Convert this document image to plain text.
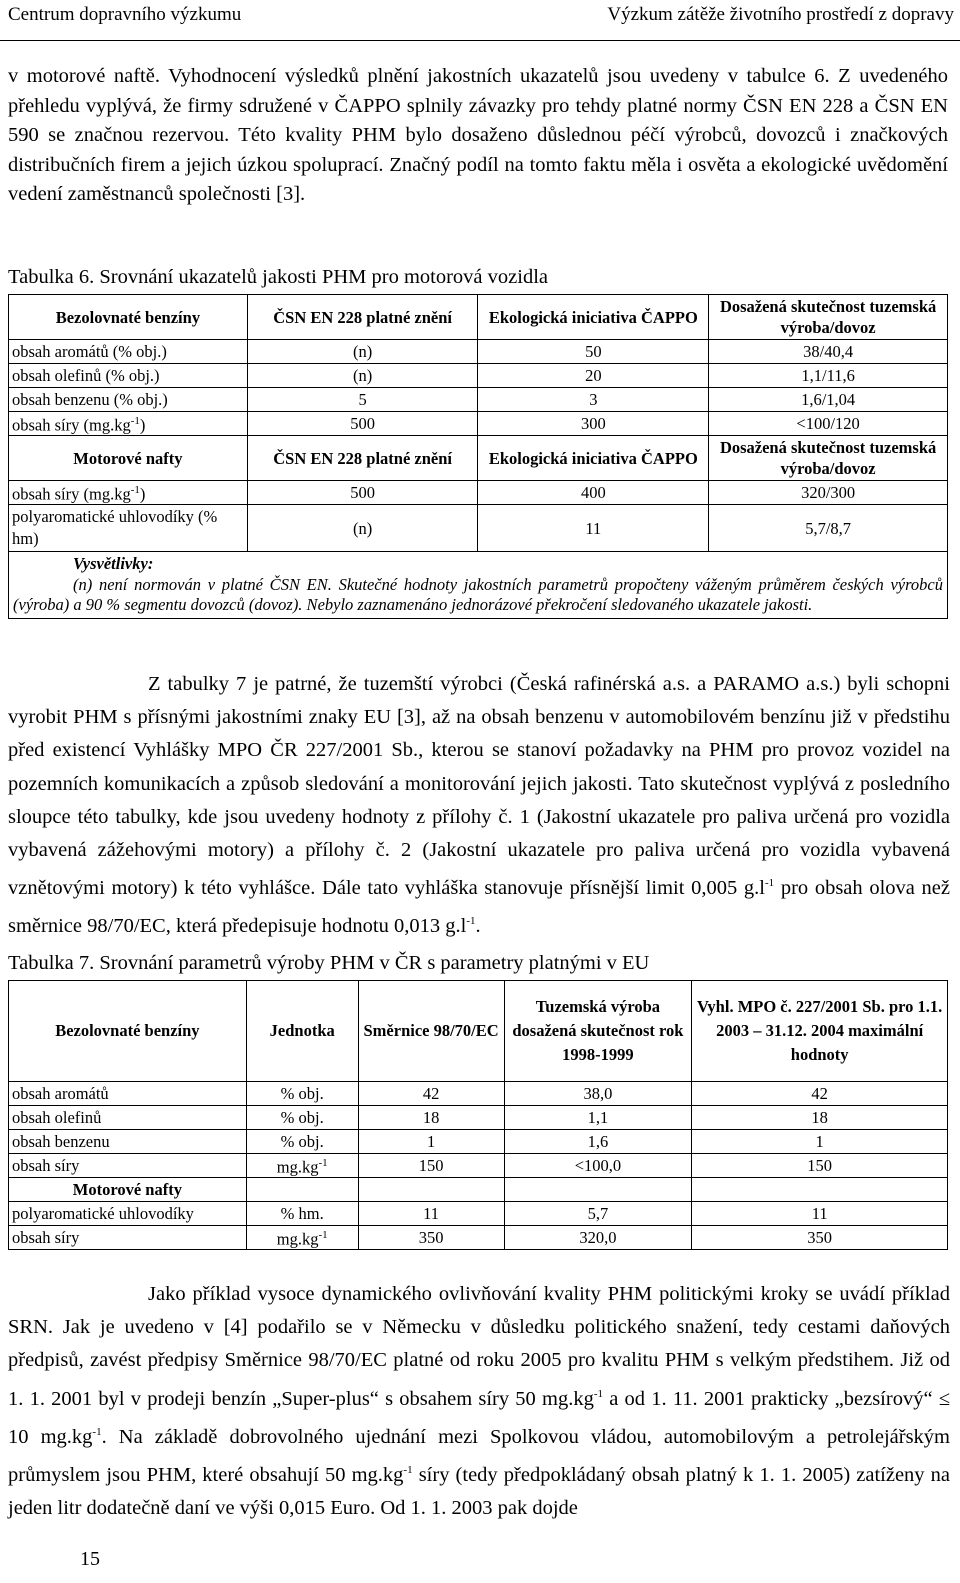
Centrum dopravního výzkumu	Výzkum zátěže životního prostředí z dopravy
v motorové naftě. Vyhodnocení výsledků plnění jakostních ukazatelů jsou uvedeny v tabulce 6. Z uvedeného přehledu vyplývá, že firmy sdružené v ČAPPO splnily závazky pro tehdy platné normy ČSN EN 228 a ČSN EN 590 se značnou rezervou. Této kvality PHM bylo dosaženo důslednou péčí výrobců, dovozců i značkových distribučních firem a jejich úzkou spoluprací. Značný podíl na tomto faktu měla i osvěta a ekologické uvědomění vedení zaměstnanců společnosti [3].
Tabulka 6. Srovnání ukazatelů jakosti PHM pro motorová vozidla
Bezolovnaté benzíny	ČSN EN 228 platné znění	Ekologická iniciativa ČAPPO	Dosažená skutečnost tuzemská výroba/dovoz
obsah aromátů (% obj.)	(n)	50	38/40,4
obsah olefinů (% obj.)	(n)	20	1,1/11,6
obsah benzenu (% obj.)	5	3	1,6/1,04
obsah síry $(mg.kg^{-1})$	500	300	<100/120
Motorové nafty	ČSN EN 228 platné znění	Ekologická iniciativa ČAPPO	Dosažená skutečnost tuzemská výroba/dovoz
obsah síry $(mg.kg^{-1})$	500	400	320/300
polyaromatické uhlovodíky (% hm)	(n)	11	5,7/8,7

Vysvětlivky:
(n) není normován v platné ČSN EN. Skutečné hodnoty jakostních parametrů propočteny váženým průměrem českých výrobců (výroba) a 90 % segmentu dovozců (dovoz). Nebylo zaznamenáno jednorázové překročení sledovaného ukazatele jakosti.			
Z tabulky 7 je patrné, že tuzemští výrobci (Česká rafinérská a.s. a PARAMO a.s.) byli schopni vyrobit PHM s přísnými jakostními znaky EU [3], až na obsah benzenu v automobilovém benzínu již v předstihu před existencí Vyhlášky MPO ČR 227/2001 Sb., kterou se stanoví požadavky na PHM pro provoz vozidel na pozemních komunikacích a způsob sledování a monitorování jejich jakosti. Tato skutečnost vyplývá z posledního sloupce této tabulky, kde jsou uvedeny hodnoty z přílohy č. 1 (Jakostní ukazatele pro paliva určená pro vozidla vybavená zážehovými motory) a přílohy č. 2 (Jakostní ukazatele pro paliva určená pro vozidla vybavená vznětovými motory) k této vyhlášce. Dále tato vyhláška stanovuje přísnější limit 0,005 $g.l^{-1}$ pro obsah olova než směrnice 98/70/EC, která předepisuje hodnotu 0,013 $g.l^{-1}$.
Tabulka 7. Srovnání parametrů výroby PHM v ČR s parametry platnými v EU
Bezolovnaté benzíny	Jednotka	Směrnice 98/70/EC	Tuzemská výroba dosažená skutečnost rok 1998-1999	Vyhl. MPO č. 227/2001 Sb. pro 1.1. 2003 – 31.12. 2004 maximální hodnoty
obsah aromátů	% obj.	42	38,0	42
obsah olefinů	% obj.	18	1,1	18
obsah benzenu	% obj.	1	1,6	1
obsah síry	$mg.kg^{-1}$	150	<100,0	150
Motorové nafty				
polyaromatické uhlovodíky	% hm.	11	5,7	11
obsah síry	$mg.kg^{-1}$	350	320,0	350
Jako příklad vysoce dynamického ovlivňování kvality PHM politickými kroky se uvádí příklad SRN. Jak je uvedeno v [4] podařilo se v Německu v důsledku politického snažení, tedy cestami daňových předpisů, zavést předpisy Směrnice 98/70/EC platné od roku 2005 pro kvalitu PHM s velkým předstihem. Již od 1. 1. 2001 byl v prodeji benzín „Super-plus“ s obsahem síry 50 $mg.kg^{-1}$ a od 1. 11. 2001 prakticky „bezsírový“ ≤ 10 $mg.kg^{-1}$. Na základě dobrovolného ujednání mezi Spolkovou vládou, automobilovým a petrolejářským průmyslem jsou PHM, které obsahují 50 $mg.kg^{-1}$ síry (tedy předpokládaný obsah platný k 1. 1. 2005) zatíženy na jeden litr dodatečně daní ve výši 0,015 Euro. Od 1. 1. 2003 pak dojde
15
